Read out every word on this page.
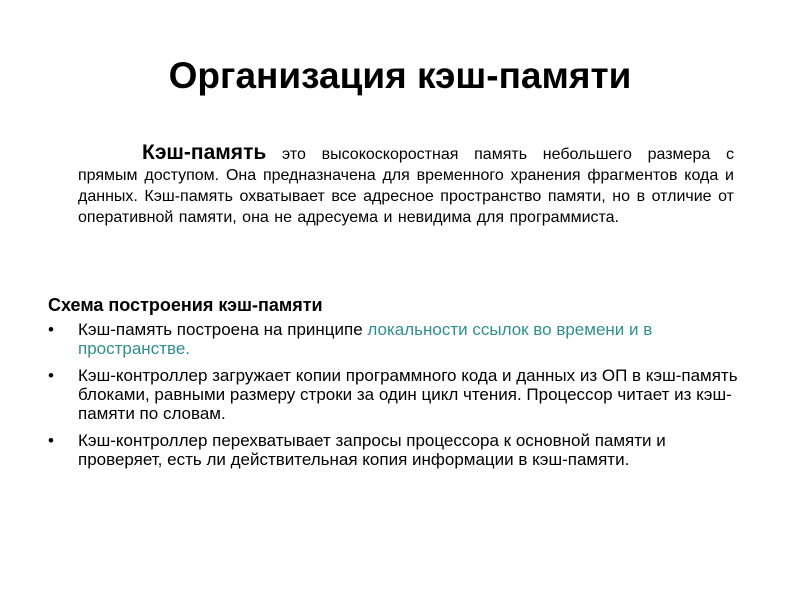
Организация кэш-памяти
Кэш-память это высокоскоростная память небольшего размера с прямым доступом. Она предназначена для временного хранения фрагментов кода и данных. Кэш-память охватывает все адресное пространство памяти, но в отличие от оперативной памяти, она не адресуема и невидима для программиста.
Схема построения кэш-памяти
• Кэш-память построена на принципе локальности ссылок во времени и в пространстве.
• Кэш-контроллер загружает копии программного кода и данных из ОП в кэш-память блоками, равными размеру строки за один цикл чтения. Процессор читает из кэш-памяти по словам.
• Кэш-контроллер перехватывает запросы процессора к основной памяти и проверяет, есть ли действительная копия информации в кэш-памяти.
